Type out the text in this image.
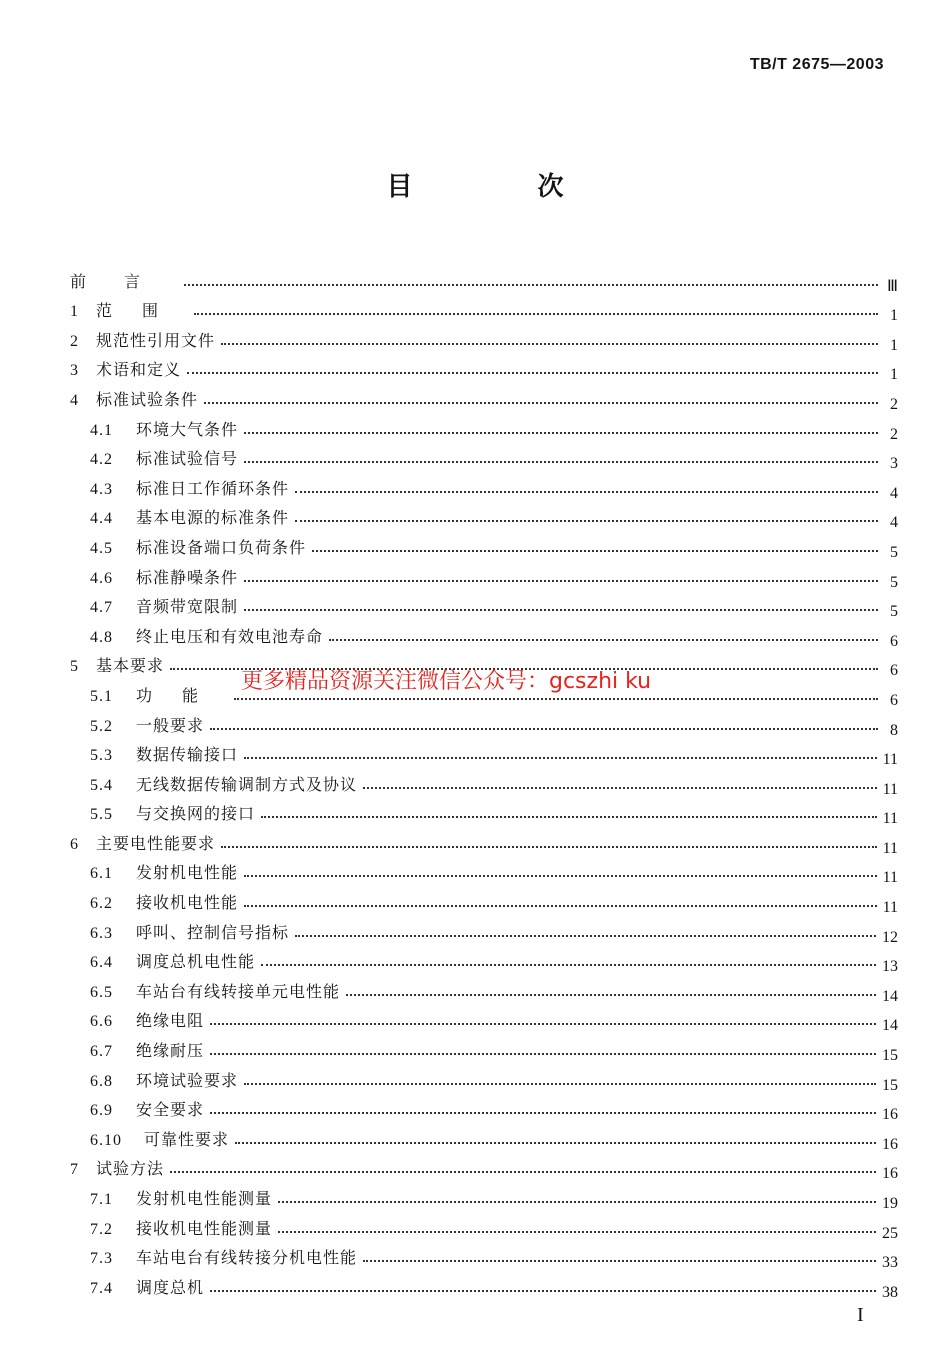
TB/T 2675—2003
目 次
前言	Ⅲ
1	范围	1
2	规范性引用文件	1
3	术语和定义	1
4	标准试验条件	2
4.1	环境大气条件	2
4.2	标准试验信号	3
4.3	标准日工作循环条件	4
4.4	基本电源的标准条件	4
4.5	标准设备端口负荷条件	5
4.6	标准静噪条件	5
4.7	音频带宽限制	5
4.8	终止电压和有效电池寿命	6
5	基本要求	6
5.1	功能	6
5.2	一般要求	8
5.3	数据传输接口	11
5.4	无线数据传输调制方式及协议	11
5.5	与交换网的接口	11
6	主要电性能要求	11
6.1	发射机电性能	11
6.2	接收机电性能	11
6.3	呼叫、控制信号指标	12
6.4	调度总机电性能	13
6.5	车站台有线转接单元电性能	14
6.6	绝缘电阻	14
6.7	绝缘耐压	15
6.8	环境试验要求	15
6.9	安全要求	16
6.10	可靠性要求	16
7	试验方法	16
7.1	发射机电性能测量	19
7.2	接收机电性能测量	25
7.3	车站电台有线转接分机电性能	33
7.4	调度总机	38
更多精品资源关注微信公众号：gcszhi ku
I
